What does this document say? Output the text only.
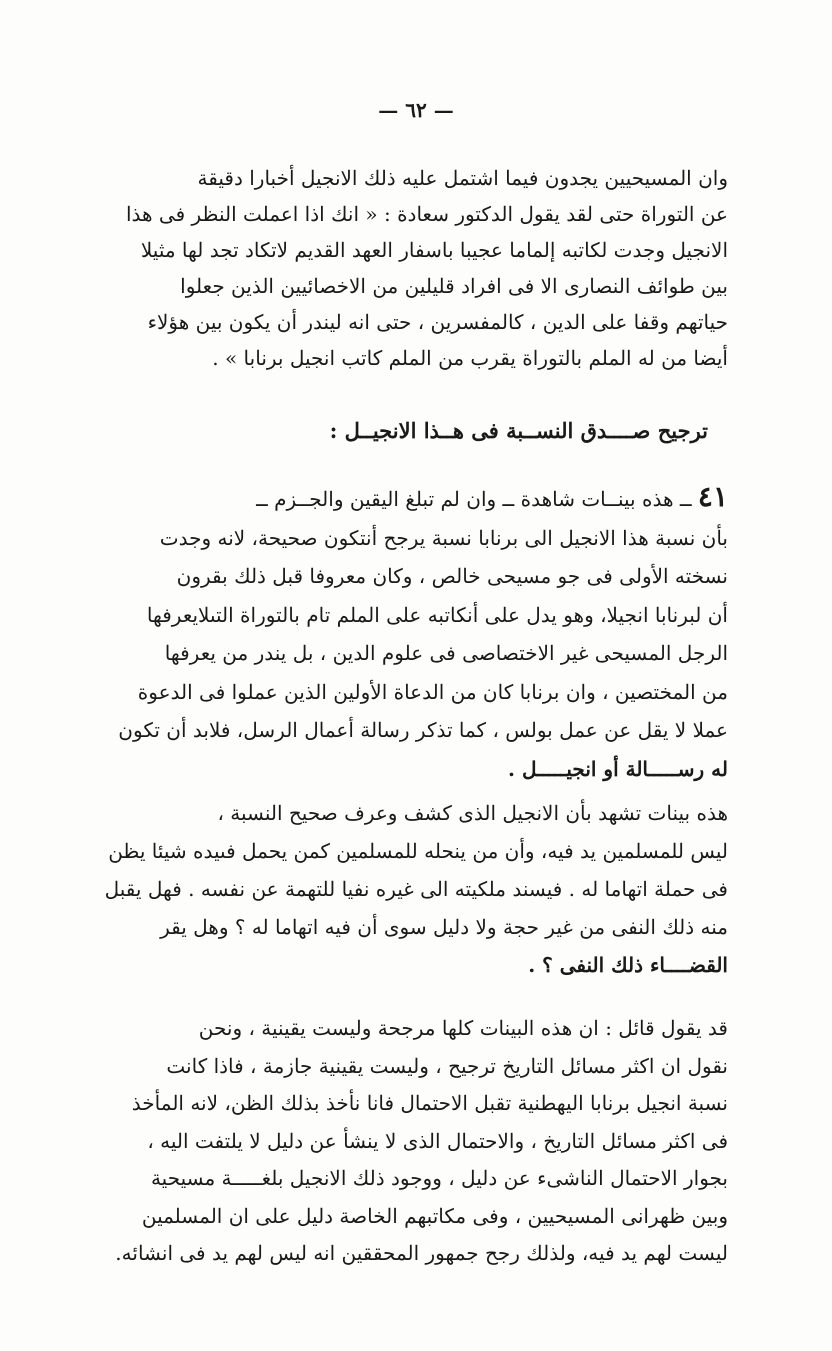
— ٦٢ —
وان المسيحيين يجدون فيما اشتمل عليه ذلك الانجيل أخبارا دقيقة
عن التوراة حتى لقد يقول الدكتور سعادة : « انك اذا اعملت النظر فى هذا
الانجيل وجدت لكاتبه إلماما عجيبا باسفار العهد القديم لاتكاد تجد لها مثيلا
بين طوائف النصارى الا فى افراد قليلين من الاخصائيين الذين جعلوا
حياتهم وقفا على الدين ، كالمفسرين ، حتى انه ليندر أن يكون بين هؤلاء
أيضا من له الملم بالتوراة يقرب من الملم كاتب انجيل برنابا » .
ترجيح صــــدق النســبة فى هــذا الانجيــل :
٤١ ــ هذه بينــات شاهدة ــ وان لم تبلغ اليقين والجــزم ــ
بأن نسبة هذا الانجيل الى برنابا نسبة يرجح أنتكون صحيحة، لانه وجدت
نسخته الأولى فى جو مسيحى خالص ، وكان معروفا قبل ذلك بقرون
أن لبرنابا انجيلا، وهو يدل على أنكاتبه على الملم تام بالتوراة التىلايعرفها
الرجل المسيحى غير الاختصاصى فى علوم الدين ، بل يندر من يعرفها
من المختصين ، وان برنابا كان من الدعاة الأولين الذين عملوا فى الدعوة
عملا لا يقل عن عمل بولس ، كما تذكر رسالة أعمال الرسل، فلابد أن تكون
له رســـــالة أو انجيـــــل .
هذه بينات تشهد بأن الانجيل الذى كشف وعرف صحيح النسبة ،
ليس للمسلمين يد فيه، وأن من ينحله للمسلمين كمن يحمل فىيده شيئا يظن
فى حملة اتهاما له . فيسند ملكيته الى غيره نفيا للتهمة عن نفسه . فهل يقبل
منه ذلك النفى من غير حجة ولا دليل سوى أن فيه اتهاما له ؟ وهل يقر
القضــــاء ذلك النفى ؟ .
قد يقول قائل : ان هذه البينات كلها مرجحة وليست يقينية ، ونحن
نقول ان اكثر مسائل التاريخ ترجيح ، وليست يقينية جازمة ، فاذا كانت
نسبة انجيل برنابا اليهطنية تقبل الاحتمال فانا نأخذ بذلك الظن، لانه المأخذ
فى اكثر مسائل التاريخ ، والاحتمال الذى لا ينشأ عن دليل لا يلتفت اليه ،
بجوار الاحتمال الناشىء عن دليل ، ووجود ذلك الانجيل بلغـــــة مسيحية
وبين ظهرانى المسيحيين ، وفى مكاتبهم الخاصة دليل على ان المسلمين
ليست لهم يد فيه، ولذلك رجح جمهور المحققين انه ليس لهم يد فى انشائه.
